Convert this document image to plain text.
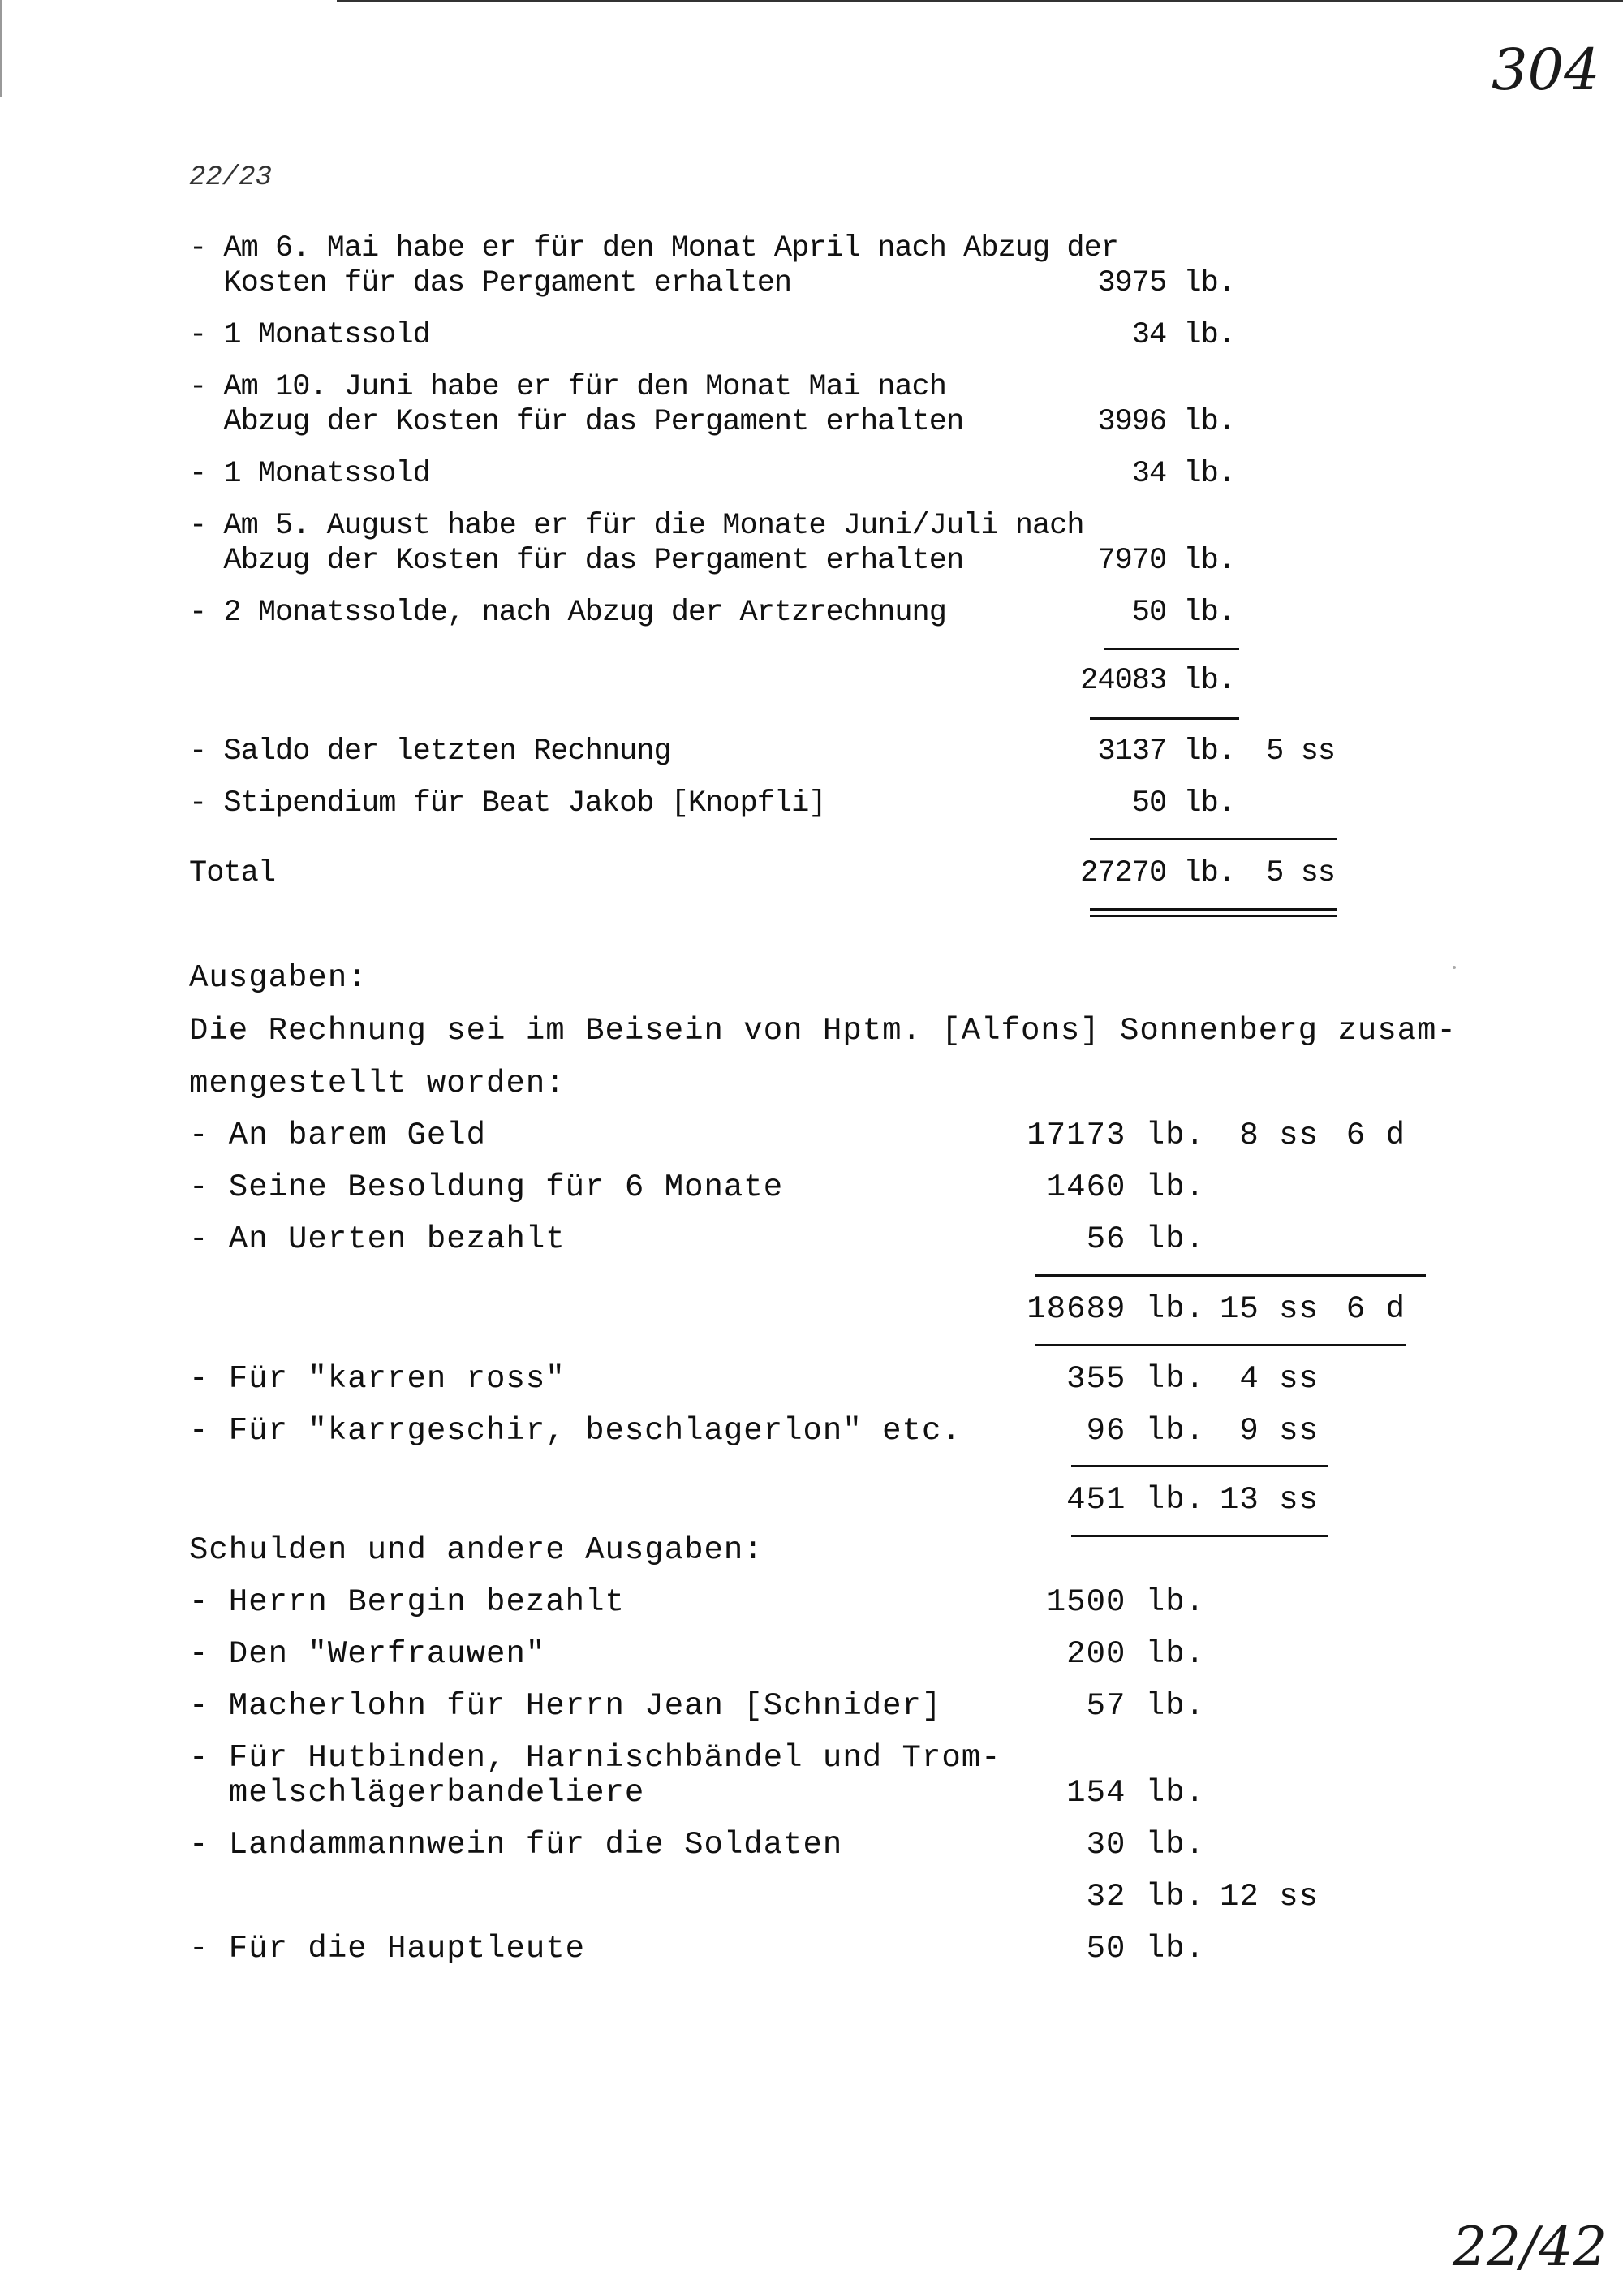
304
22/23
- Am 6. Mai habe er für den Monat April nach Abzug der
Kosten für das Pergament erhalten	3975 lb.
- 1 Monatssold	34 lb.
- Am 10. Juni habe er für den Monat Mai nach
Abzug der Kosten für das Pergament erhalten	3996 lb.
- 1 Monatssold	34 lb.
- Am 5. August habe er für die Monate Juni/Juli nach
Abzug der Kosten für das Pergament erhalten	7970 lb.
- 2 Monatssolde, nach Abzug der Artzrechnung	50 lb.
24083 lb.
- Saldo der letzten Rechnung	3137 lb. 5 ss
- Stipendium für Beat Jakob [Knopfli]	50 lb.
Total	27270 lb. 5 ss
Ausgaben:
Die Rechnung sei im Beisein von Hptm. [Alfons] Sonnenberg zusam-
mengestellt worden:
- An barem Geld	17173 lb. 8 ss 6 d
- Seine Besoldung für 6 Monate	1460 lb.
- An Uerten bezahlt	56 lb.
18689 lb. 15 ss 6 d
- Für "karren ross"	355 lb. 4 ss
- Für "karrgeschir, beschlagerlon" etc.	96 lb. 9 ss
451 lb. 13 ss
Schulden und andere Ausgaben:
- Herrn Bergin bezahlt	1500 lb.
- Den "Werfrauwen"	200 lb.
- Macherlohn für Herrn Jean [Schnider]	57 lb.
- Für Hutbinden, Harnischbändel und Trom-
melschlägerbandeliere	154 lb.
- Landammannwein für die Soldaten	30 lb.
32 lb. 12 ss
- Für die Hauptleute	50 lb.
22/42
